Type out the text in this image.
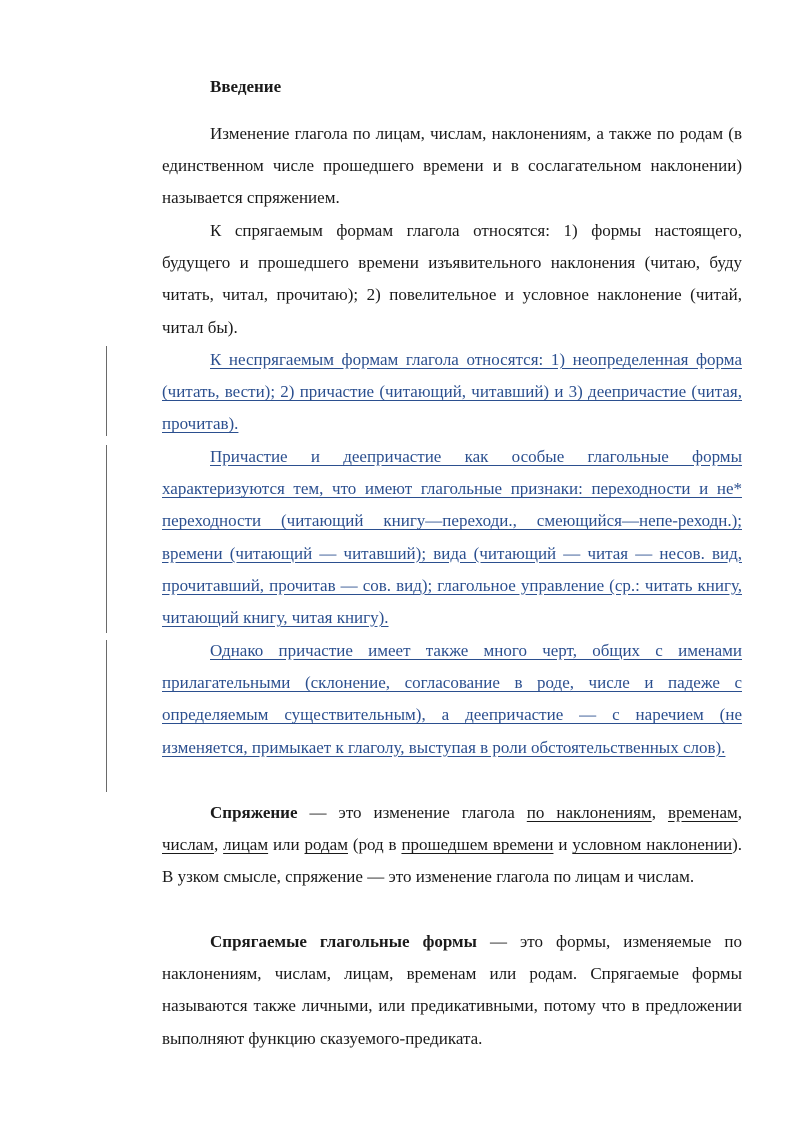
Введение

Изменение глагола по лицам, числам, наклонениям, а также по родам (в единственном числе прошедшего времени и в сослагательном наклонении) называется спряжением.

К спрягаемым формам глагола относятся: 1) формы настоящего, будущего и прошедшего времени изъявительного наклонения (читаю, буду читать, читал, прочитаю); 2) повелительное и условное наклонение (читай, читал бы).

К неспрягаемым формам глагола относятся: 1) неопределенная форма (читать, вести); 2) причастие (читающий, читавший) и 3) деепричастие (читая, прочитав).

Причастие и деепричастие как особые глагольные формы характеризуются тем, что имеют глагольные признаки: переходности и не* переходности (читающий книгу—переходи., смеющийся—непе-реходн.); времени (читающий — читавший); вида (читающий — читая — несов. вид, прочитавший, прочитав — сов. вид); глагольное управление (ср.: читать книгу, читающий книгу, читая книгу).

Однако причастие имеет также много черт, общих с именами прилагательными (склонение, согласование в роде, числе и падеже с определяемым существительным), а деепричастие — с наречием (не изменяется, примыкает к глаголу, выступая в роли обстоятельственных слов).

Спряжение — это изменение глагола по наклонениям, временам, числам, лицам или родам (род в прошедшем времени и условном наклонении). В узком смысле, спряжение — это изменение глагола по лицам и числам.

Спрягаемые глагольные формы — это формы, изменяемые по наклонениям, числам, лицам, временам или родам. Спрягаемые формы называются также личными, или предикативными, потому что в предложении выполняют функцию сказуемого-предиката.
